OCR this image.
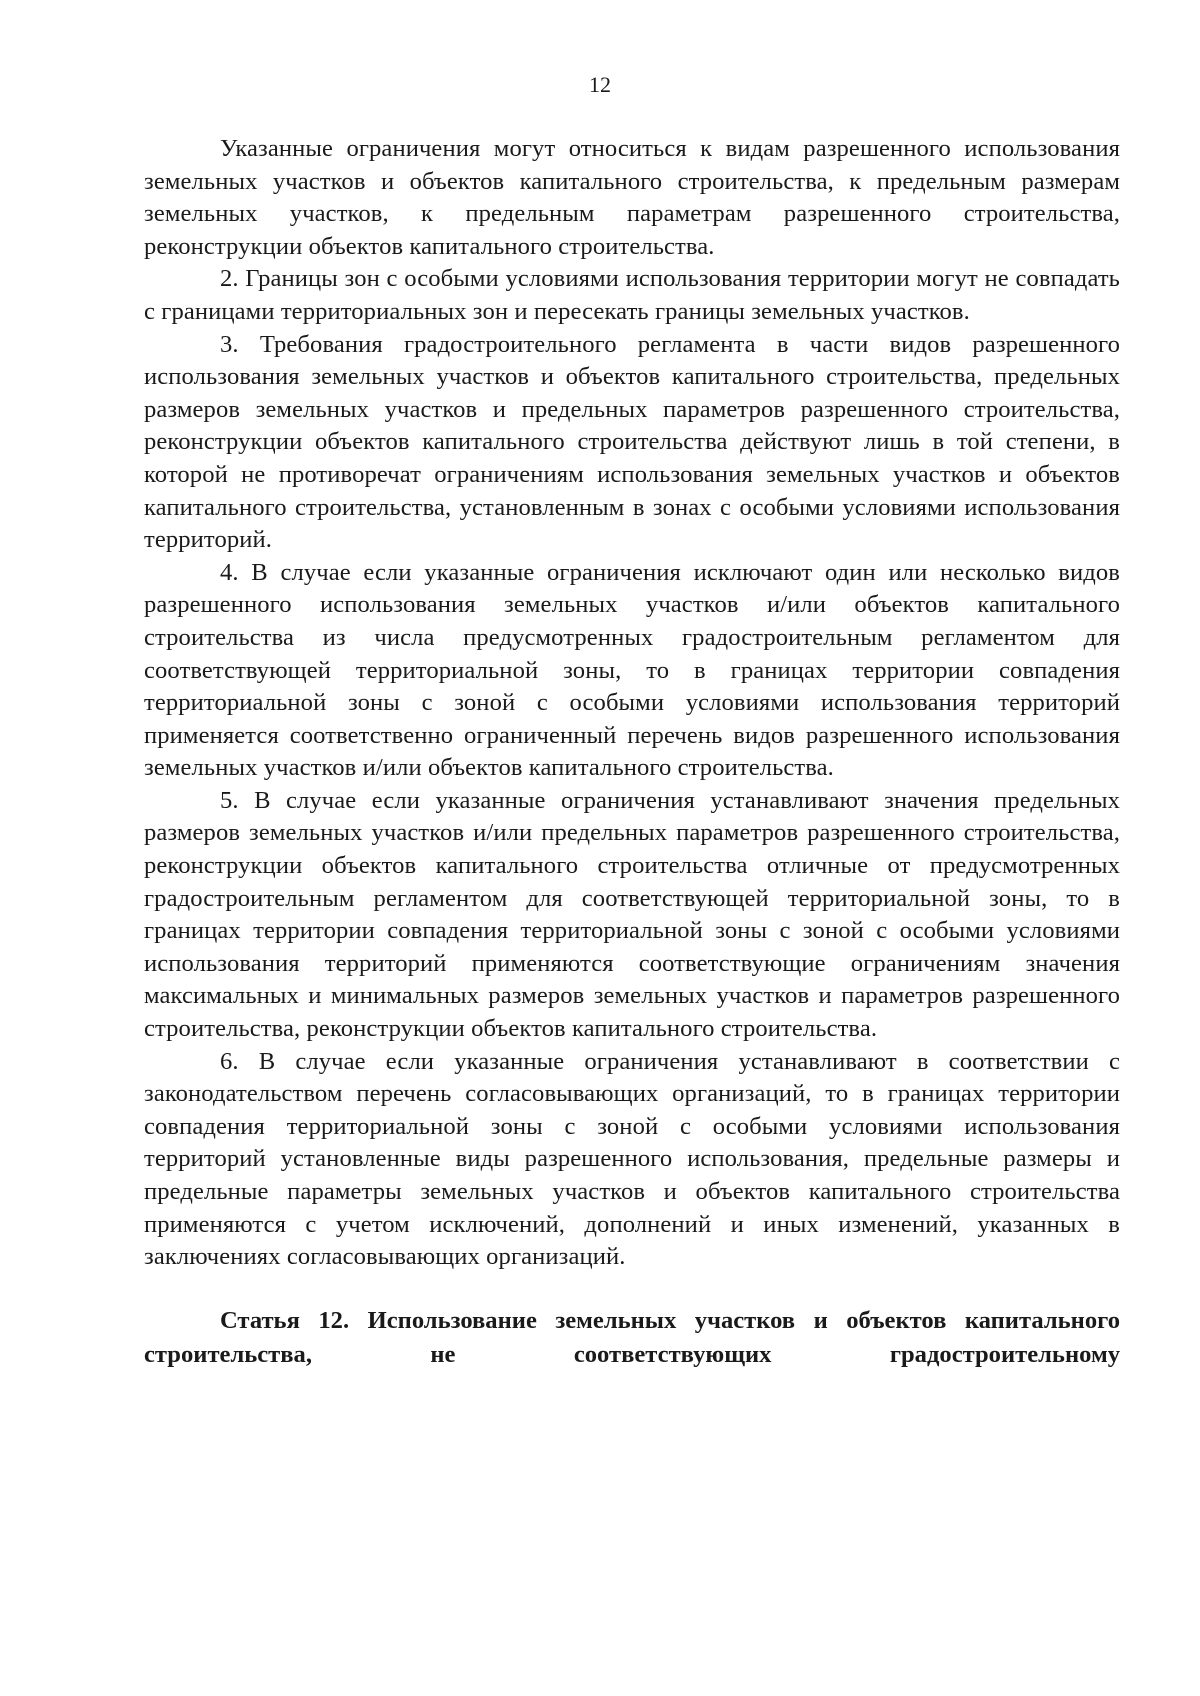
12

Указанные ограничения могут относиться к видам разрешенного использования земельных участков и объектов капитального строительства, к предельным размерам земельных участков, к предельным параметрам разрешенного строительства, реконструкции объектов капитального строительства.

2. Границы зон с особыми условиями использования территории могут не совпадать с границами территориальных зон и пересекать границы земельных участков.

3. Требования градостроительного регламента в части видов разрешенного использования земельных участков и объектов капитального строительства, предельных размеров земельных участков и предельных параметров разрешенного строительства, реконструкции объектов капитального строительства действуют лишь в той степени, в которой не противоречат ограничениям использования земельных участков и объектов капитального строительства, установленным в зонах с особыми условиями использования территорий.

4. В случае если указанные ограничения исключают один или несколько видов разрешенного использования земельных участков и/или объектов капитального строительства из числа предусмотренных градостроительным регламентом для соответствующей территориальной зоны, то в границах территории совпадения территориальной зоны с зоной с особыми условиями использования территорий применяется соответственно ограниченный перечень видов разрешенного использования земельных участков и/или объектов капитального строительства.

5. В случае если указанные ограничения устанавливают значения предельных размеров земельных участков и/или предельных параметров разрешенного строительства, реконструкции объектов капитального строительства отличные от предусмотренных градостроительным регламентом для соответствующей территориальной зоны, то в границах территории совпадения территориальной зоны с зоной с особыми условиями использования территорий применяются соответствующие ограничениям значения максимальных и минимальных размеров земельных участков и параметров разрешенного строительства, реконструкции объектов капитального строительства.

6. В случае если указанные ограничения устанавливают в соответствии с законодательством перечень согласовывающих организаций, то в границах территории совпадения территориальной зоны с зоной с особыми условиями использования территорий установленные виды разрешенного использования, предельные размеры и предельные параметры земельных участков и объектов капитального строительства применяются с учетом исключений, дополнений и иных изменений, указанных в заключениях согласовывающих организаций.

Статья 12. Использование земельных участков и объектов капитального строительства, не соответствующих градостроительному
